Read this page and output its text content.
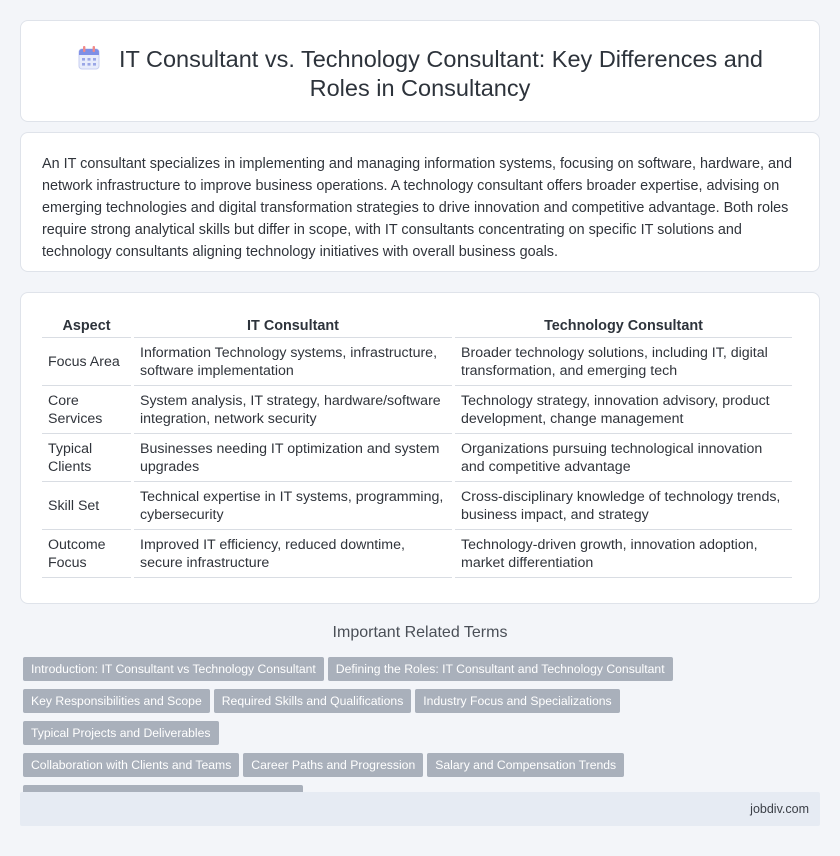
IT Consultant vs. Technology Consultant: Key Differences and
Roles in Consultancy

An IT consultant specializes in implementing and managing information systems, focusing on software, hardware, and network infrastructure to improve business operations. A technology consultant offers broader expertise, advising on emerging technologies and digital transformation strategies to drive innovation and competitive advantage. Both roles require strong analytical skills but differ in scope, with IT consultants concentrating on specific IT solutions and technology consultants aligning technology initiatives with overall business goals.

Aspect	IT Consultant	Technology Consultant
Focus Area	Information Technology systems, infrastructure, software implementation	Broader technology solutions, including IT, digital transformation, and emerging tech
Core Services	System analysis, IT strategy, hardware/software integration, network security	Technology strategy, innovation advisory, product development, change management
Typical Clients	Businesses needing IT optimization and system upgrades	Organizations pursuing technological innovation and competitive advantage
Skill Set	Technical expertise in IT systems, programming, cybersecurity	Cross-disciplinary knowledge of technology trends, business impact, and strategy
Outcome Focus	Improved IT efficiency, reduced downtime, secure infrastructure	Technology-driven growth, innovation adoption, market differentiation
Important Related Terms
Introduction: IT Consultant vs Technology Consultant Defining the Roles: IT Consultant and Technology Consultant
Key Responsibilities and Scope Required Skills and Qualifications Industry Focus and SpecializationsTypical Projects and Deliverables
Collaboration with Clients and Teams Career Paths and Progression Salary and Compensation Trends

jobdiv.com
